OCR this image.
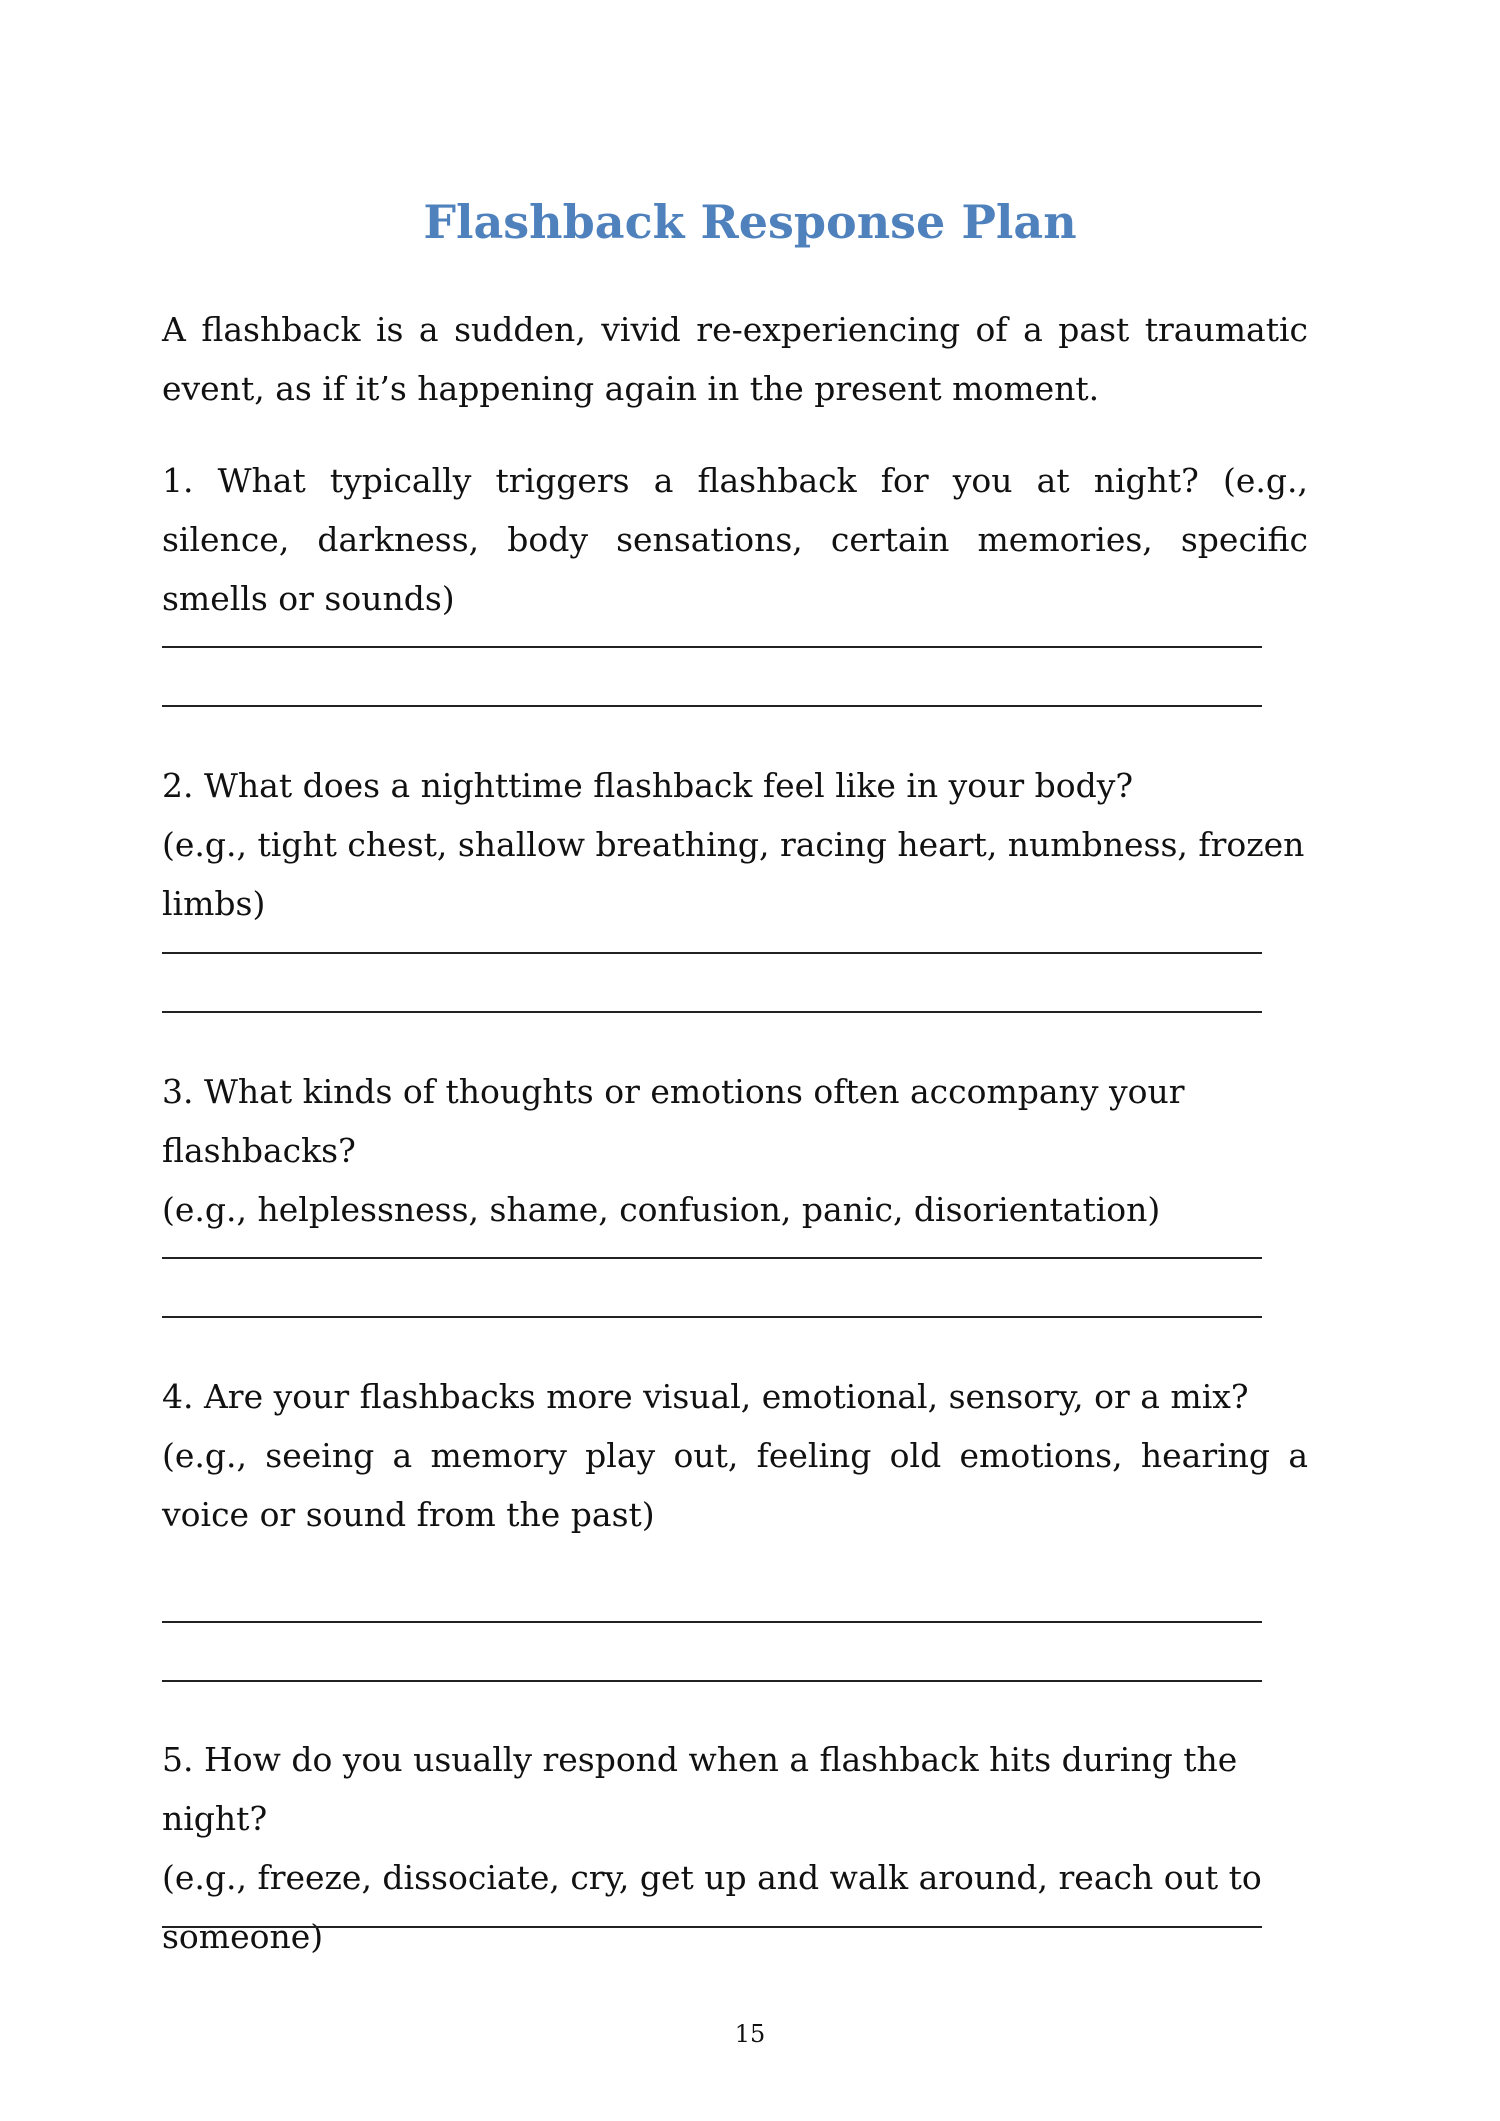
Flashback Response Plan

A flashback is a sudden, vivid re-experiencing of a past traumatic event, as if it’s happening again in the present moment.

1. What typically triggers a flashback for you at night? (e.g., silence, darkness, body sensations, certain memories, specific smells or sounds)

2. What does a nighttime flashback feel like in your body?
(e.g., tight chest, shallow breathing, racing heart, numbness, frozen limbs)
3. What kinds of thoughts or emotions often accompany your flashbacks?
(e.g., helplessness, shame, confusion, panic, disorientation)
4. Are your flashbacks more visual, emotional, sensory, or a mix?
(e.g., seeing a memory play out, feeling old emotions, hearing a voice or sound from the past)
5. How do you usually respond when a flashback hits during the night?
(e.g., freeze, dissociate, cry, get up and walk around, reach out to someone)
15
